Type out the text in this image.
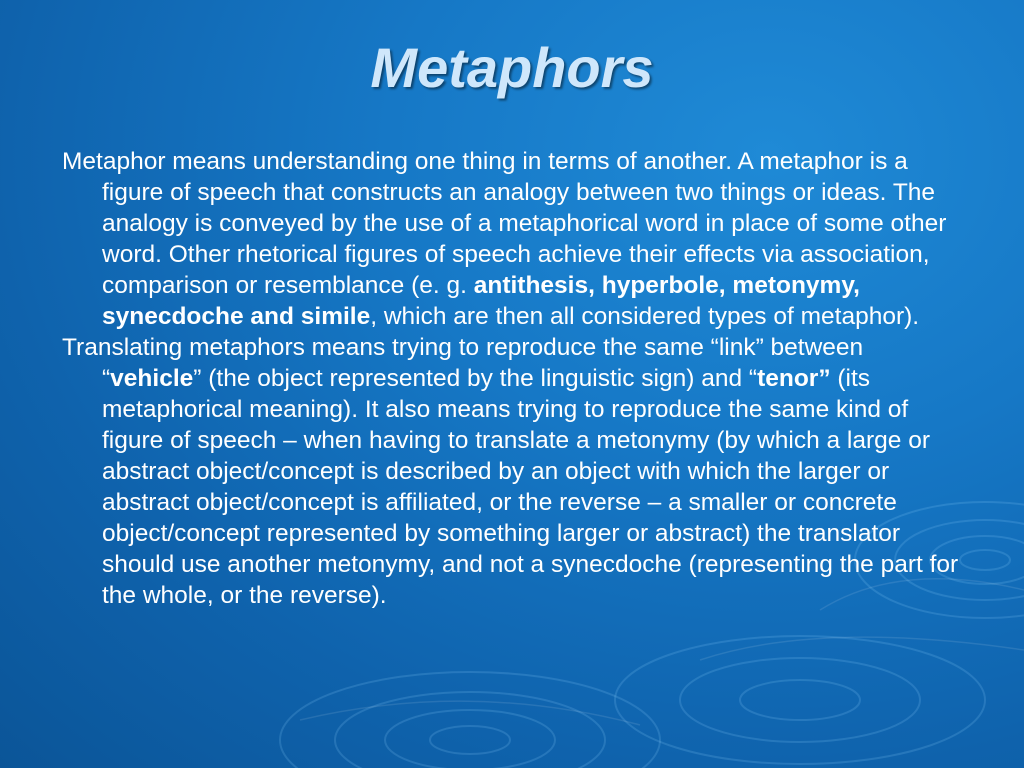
Metaphors

Metaphor means understanding one thing in terms of another. A metaphor is a figure of speech that constructs an analogy between two things or ideas. The analogy is conveyed by the use of a metaphorical word in place of some other word. Other rhetorical figures of speech achieve their effects via association, comparison or resemblance (e. g. antithesis, hyperbole, metonymy, synecdoche and simile, which are then all considered types of metaphor).

Translating metaphors means trying to reproduce the same “link” between “vehicle” (the object represented by the linguistic sign) and “tenor” (its metaphorical meaning). It also means trying to reproduce the same kind of figure of speech – when having to translate a metonymy (by which a large or abstract object/concept is described by an object with which the larger or abstract object/concept is affiliated, or the reverse – a smaller or concrete object/concept represented by something larger or abstract) the translator should use another metonymy, and not a synecdoche (representing the part for the whole, or the reverse).
